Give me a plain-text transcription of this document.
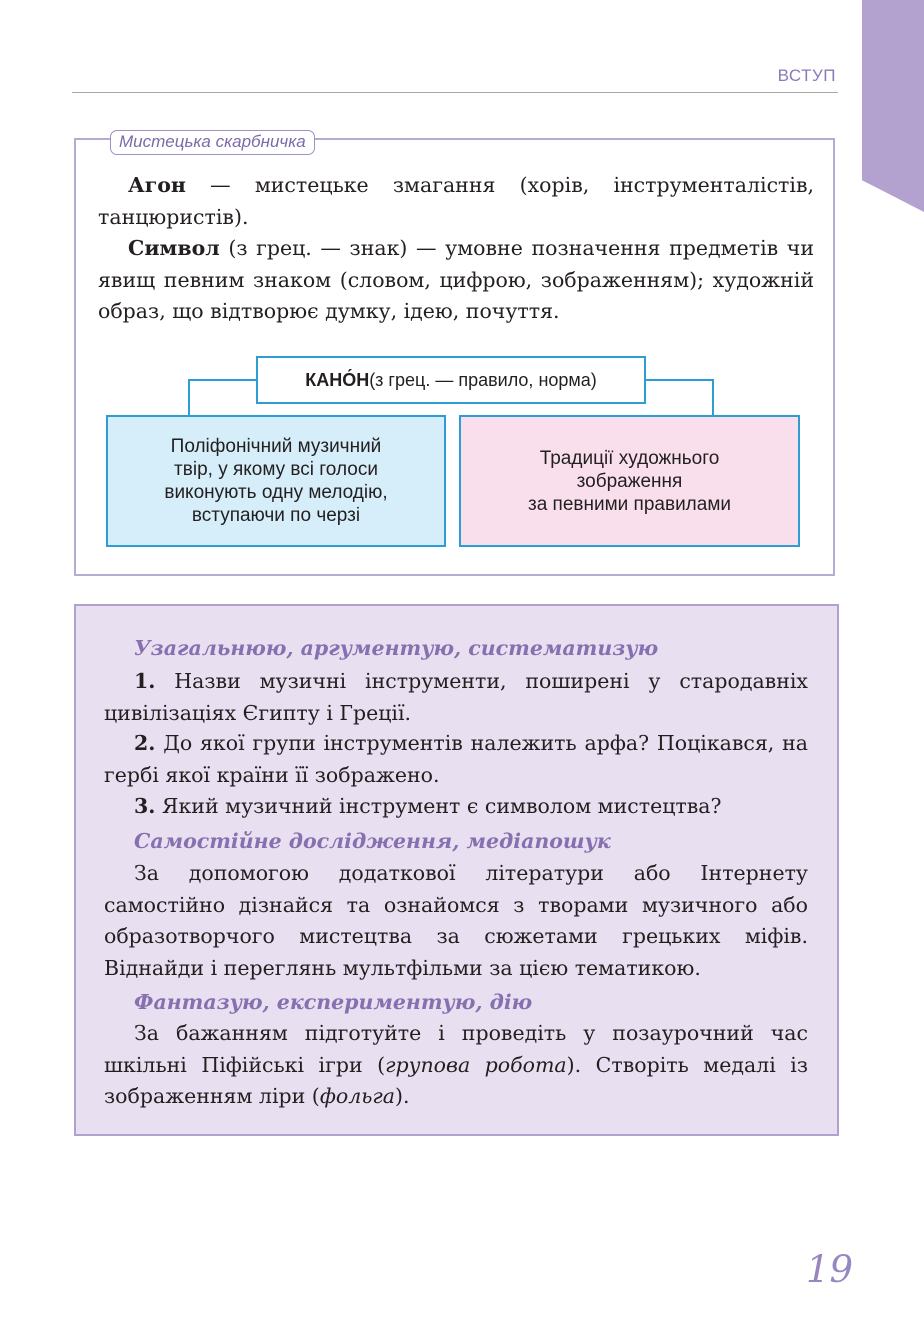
ВСТУП
Мистецька скарбничка

Агон — мистецьке змагання (хорів, інструменталістів, танцюристів).

Символ (з грец. — знак) — умовне позначення предметів чи явищ певним знаком (словом, цифрою, зображенням); художній образ, що відтворює думку, ідею, почуття.

КАНО́Н (з грец. — правило, норма)
Поліфонічний музичний
твір, у якому всі голоси
виконують одну мелодію,
вступаючи по черзі
Традиції художнього
зображення
за певними правилами

Узагальнюю, аргументую, систематизую

1. Назви музичні інструменти, поширені у стародавніх цивілізаціях Єгипту і Греції.

2. До якої групи інструментів належить арфа? Поцікався, на гербі якої країни її зображено.

3. Який музичний інструмент є символом мистецтва?

Самостійне дослідження, медіапошук

За допомогою додаткової літератури або Інтернету самостійно дізнайся та ознайомся з творами музичного або образотворчого мистецтва за сюжетами грецьких міфів. Віднайди і переглянь мультфільми за цією тематикою.

Фантазую, експериментую, дію

За бажанням підготуйте і проведіть у позаурочний час шкільні Піфійські ігри (групова робота). Створіть медалі із зображенням ліри (фольга).

19
